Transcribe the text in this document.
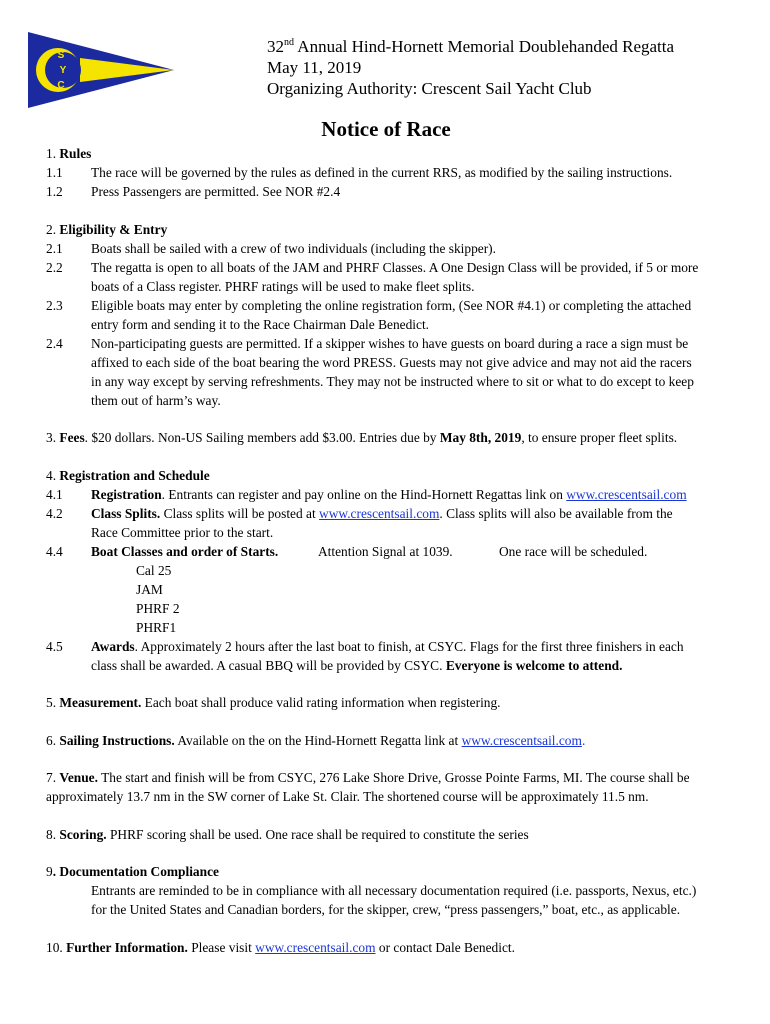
S
Y
C
32nd Annual Hind-Hornett Memorial Doublehanded Regatta
May 11, 2019
Organizing Authority: Crescent Sail Yacht Club
Notice of Race
1. Rules
1.1	The race will be governed by the rules as defined in the current RRS, as modified by the sailing instructions.
1.2	Press Passengers are permitted. See NOR #2.4
2. Eligibility & Entry
2.1	Boats shall be sailed with a crew of two individuals (including the skipper).
2.2	The regatta is open to all boats of the JAM and PHRF Classes. A One Design Class will be provided, if 5 or more
boats of a Class register. PHRF ratings will be used to make fleet splits.
2.3	Eligible boats may enter by completing the online registration form, (See NOR #4.1) or completing the attached
entry form and sending it to the Race Chairman Dale Benedict.
2.4	Non-participating guests are permitted. If a skipper wishes to have guests on board during a race a sign must be
affixed to each side of the boat bearing the word PRESS. Guests may not give advice and may not aid the racers
in any way except by serving refreshments. They may not be instructed where to sit or what to do except to keep
them out of harm’s way.
3. Fees. $20 dollars. Non-US Sailing members add $3.00. Entries due by May 8th, 2019, to ensure proper fleet splits.
4. Registration and Schedule
4.1	Registration. Entrants can register and pay online on the Hind-Hornett Regattas link on www.crescentsail.com
4.2	Class Splits. Class splits will be posted at www.crescentsail.com. Class splits will also be available from the
Race Committee prior to the start.
4.4	Boat Classes and order of Starts.	Attention Signal at 1039.	One race will be scheduled.
Cal 25
JAM
PHRF 2
PHRF1
4.5	Awards. Approximately 2 hours after the last boat to finish, at CSYC. Flags for the first three finishers in each
class shall be awarded. A casual BBQ will be provided by CSYC. Everyone is welcome to attend.
5. Measurement. Each boat shall produce valid rating information when registering.
6. Sailing Instructions. Available on the on the Hind-Hornett Regatta link at www.crescentsail.com.
7. Venue. The start and finish will be from CSYC, 276 Lake Shore Drive, Grosse Pointe Farms, MI. The course shall be
approximately 13.7 nm in the SW corner of Lake St. Clair. The shortened course will be approximately 11.5 nm.
8. Scoring. PHRF scoring shall be used. One race shall be required to constitute the series
9. Documentation Compliance
Entrants are reminded to be in compliance with all necessary documentation required (i.e. passports, Nexus, etc.)
for the United States and Canadian borders, for the skipper, crew, “press passengers,” boat, etc., as applicable.
10. Further Information. Please visit www.crescentsail.com or contact Dale Benedict.
